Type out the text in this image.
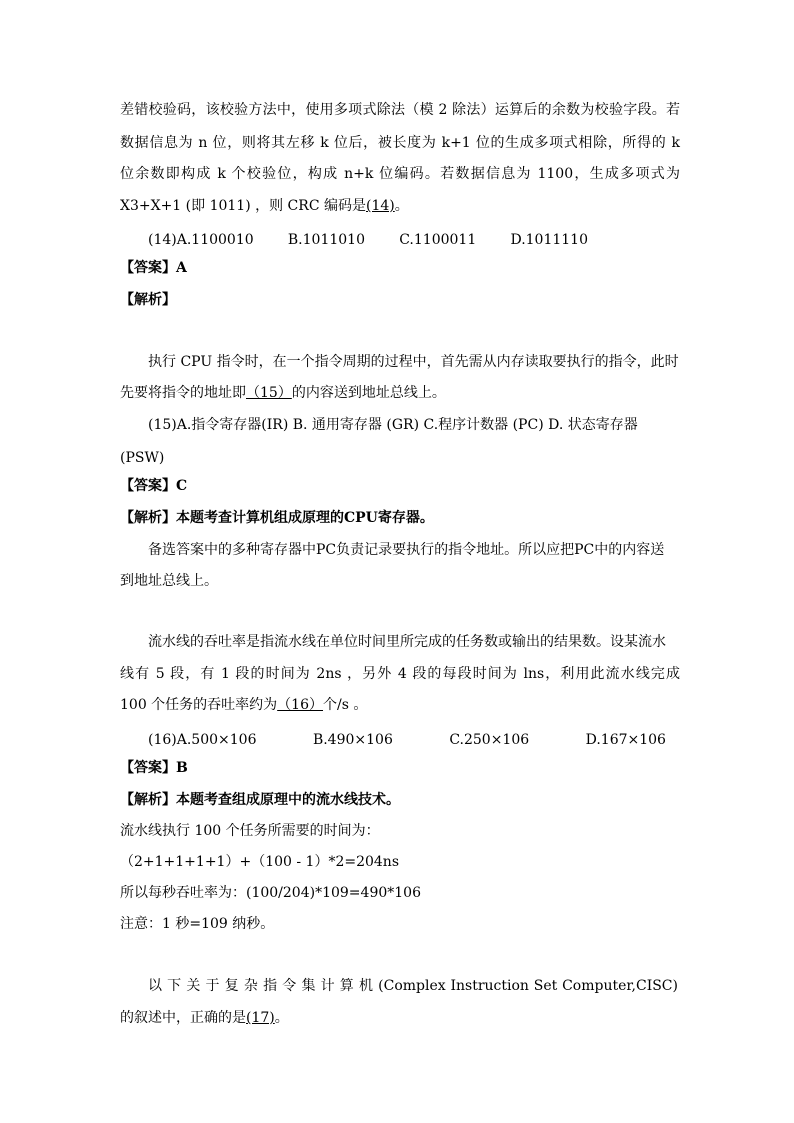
差错校验码，该校验方法中，使用多项式除法（模 2 除法）运算后的余数为校验字段。若
数据信息为 n 位，则将其左移 k 位后，被长度为 k+1 位的生成多项式相除，所得的 k
位余数即构成 k 个校验位，构成 n+k 位编码。若数据信息为 1100，生成多项式为
X3+X+1 (即 1011) ，则 CRC 编码是(14)。
(14)A.1100010 B.1011010 C.1100011 D.1011110
【答案】A
【解析】
执行 CPU 指令时，在一个指令周期的过程中，首先需从内存读取要执行的指令，此时
先要将指令的地址即（15）的内容送到地址总线上。
(15)A.指令寄存器(IR) B. 通用寄存器 (GR) C.程序计数器 (PC) D. 状态寄存器
(PSW)
【答案】C
【解析】本题考查计算机组成原理的CPU寄存器。
备选答案中的多种寄存器中PC负责记录要执行的指令地址。所以应把PC中的内容送
到地址总线上。
流水线的吞吐率是指流水线在单位时间里所完成的任务数或输出的结果数。设某流水
线有 5 段，有 1 段的时间为 2ns ，另外 4 段的每段时间为 lns，利用此流水线完成
100 个任务的吞吐率约为（16）个/s 。
(16)A.500×106	B.490×106	C.250×106	D.167×106
【答案】B
【解析】本题考查组成原理中的流水线技术。
流水线执行 100 个任务所需要的时间为：
（2+1+1+1+1）+（100 - 1）*2=204ns
所以每秒吞吐率为：(100/204)*109=490*106
注意：1 秒=109 纳秒。
以 下 关 于 复 杂 指 令 集 计 算 机 (Complex Instruction Set Computer,CISC)
的叙述中，正确的是(17)。
